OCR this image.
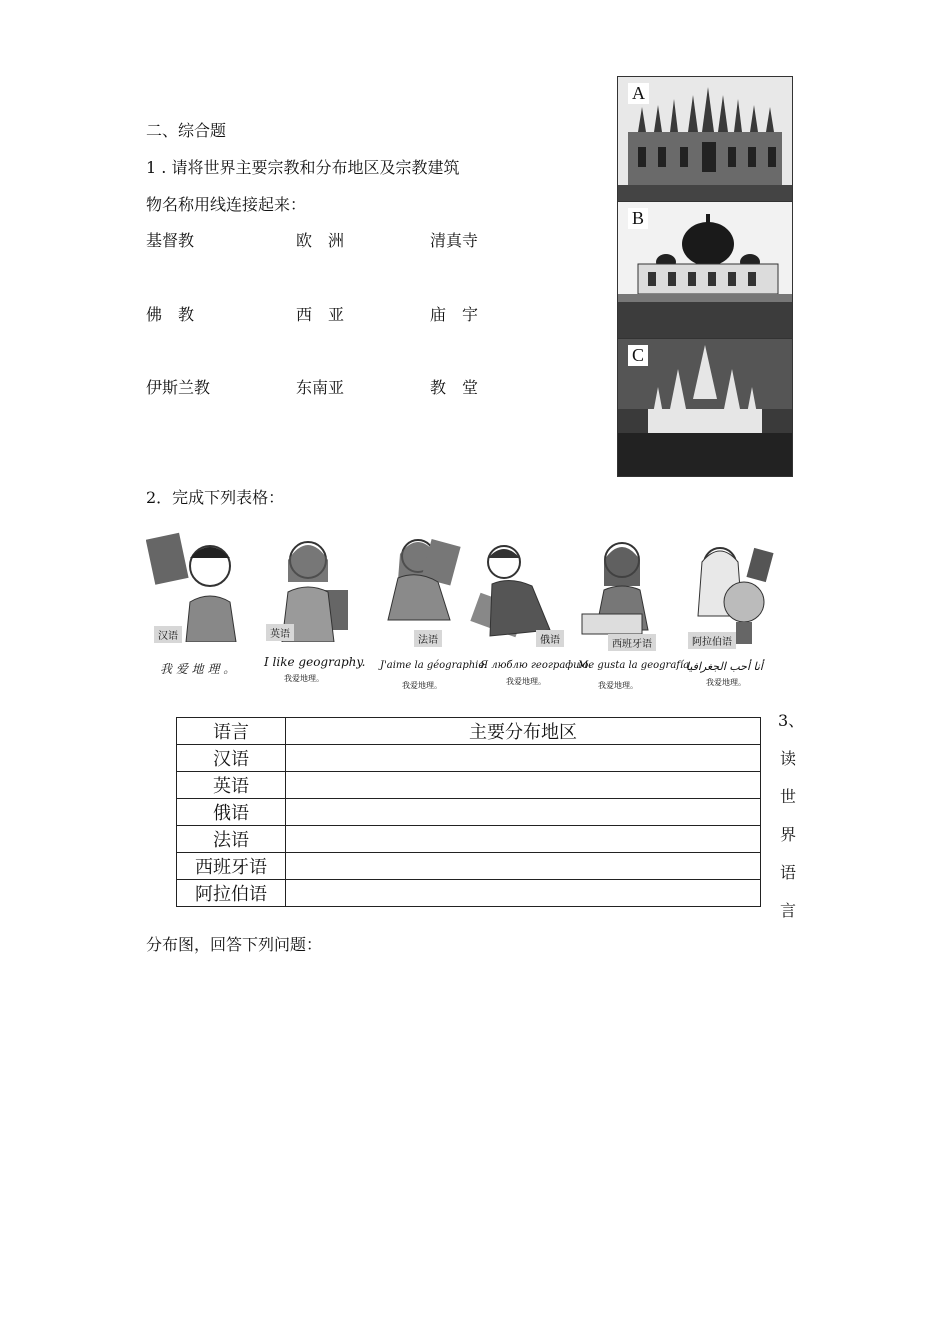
二、综合题
1 . 请将世界主要宗教和分布地区及宗教建筑
物名称用线连接起来：
基督教	欧　洲	清真寺
佛　教	西　亚	庙　宇
伊斯兰教	东南亚	教　堂
A
B
C
2．完成下列表格：
汉语	英语
法语	俄语	西班牙语	阿拉伯语
我 爱 地 理 。 I like geography.
我爱地理。
J'aime la géographie
我爱地理。
Я люблю географию.
我爱地理。
Me gusta la geografía
我爱地理。
أنا أحب الجغرافيا
我爱地理。
语言	主要分布地区
汉语	
英语	
俄语	
法语	
西班牙语	
阿拉伯语	
3、
读
世
界
语
言
分布图，回答下列问题：
